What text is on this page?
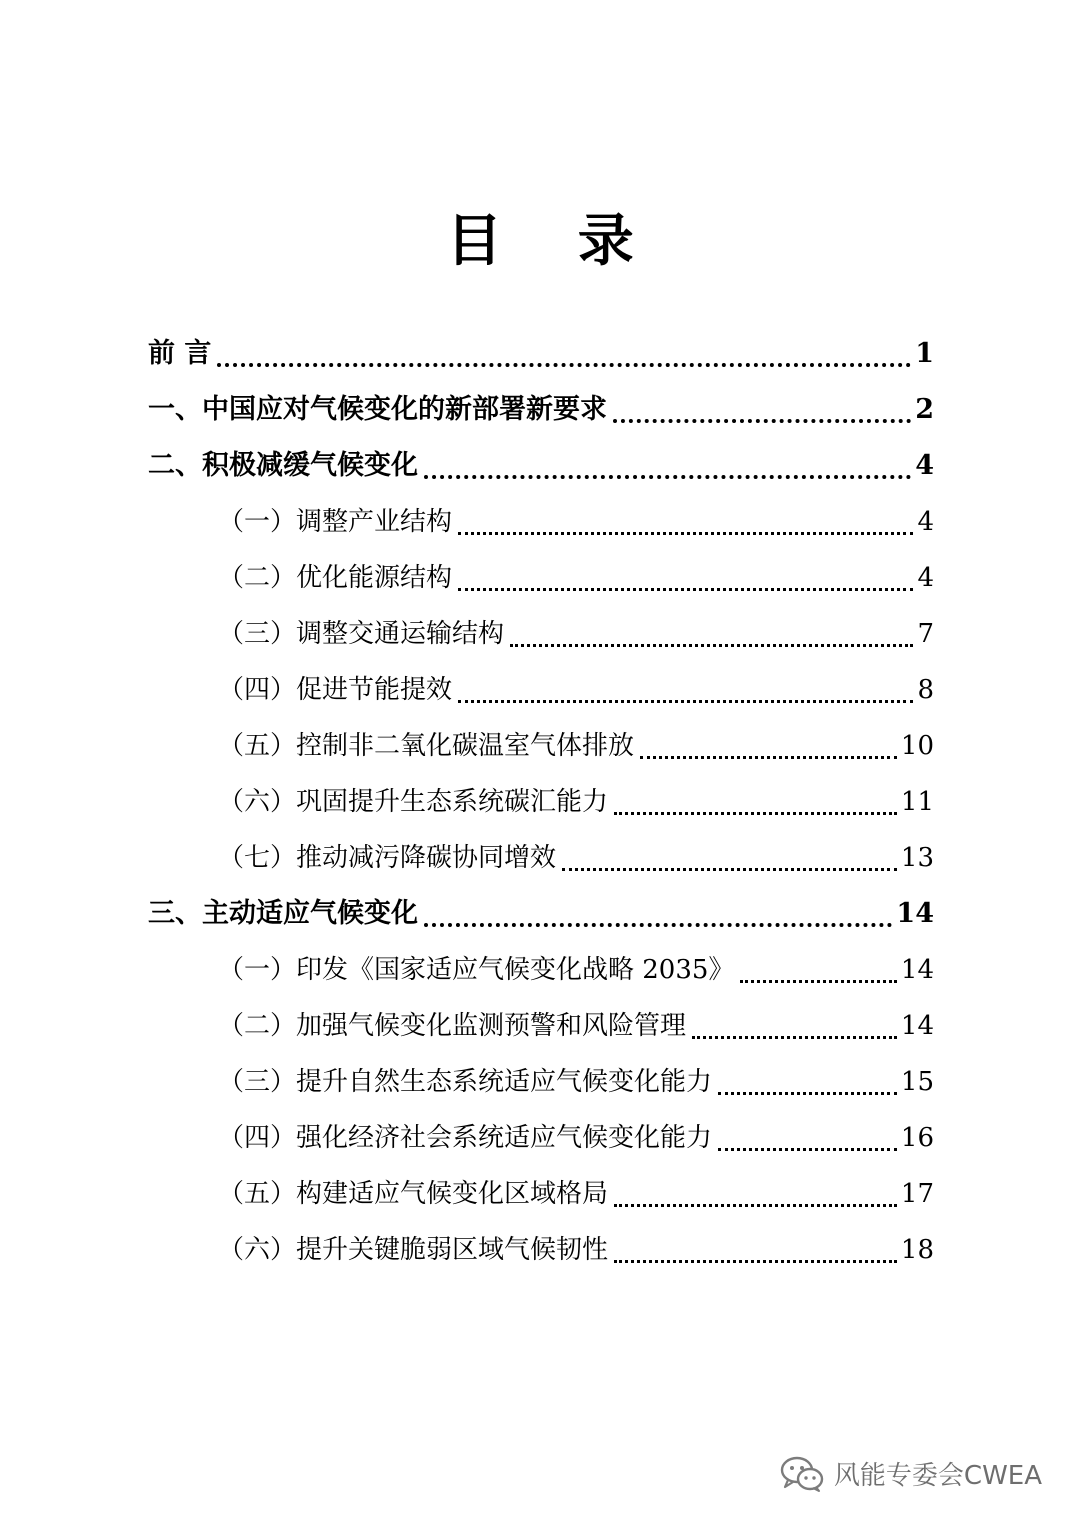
目 录
前 言	1
一、中国应对气候变化的新部署新要求	2
二、积极减缓气候变化	4
（一）调整产业结构	4
（二）优化能源结构	4
（三）调整交通运输结构	7
（四）促进节能提效	8
（五）控制非二氧化碳温室气体排放	10
（六）巩固提升生态系统碳汇能力	11
（七）推动减污降碳协同增效	13
三、主动适应气候变化	14
（一）印发《国家适应气候变化战略 2035》	14
（二）加强气候变化监测预警和风险管理	14
（三）提升自然生态系统适应气候变化能力	15
（四）强化经济社会系统适应气候变化能力	16
（五）构建适应气候变化区域格局	17
（六）提升关键脆弱区域气候韧性	18
风能专委会CWEA
